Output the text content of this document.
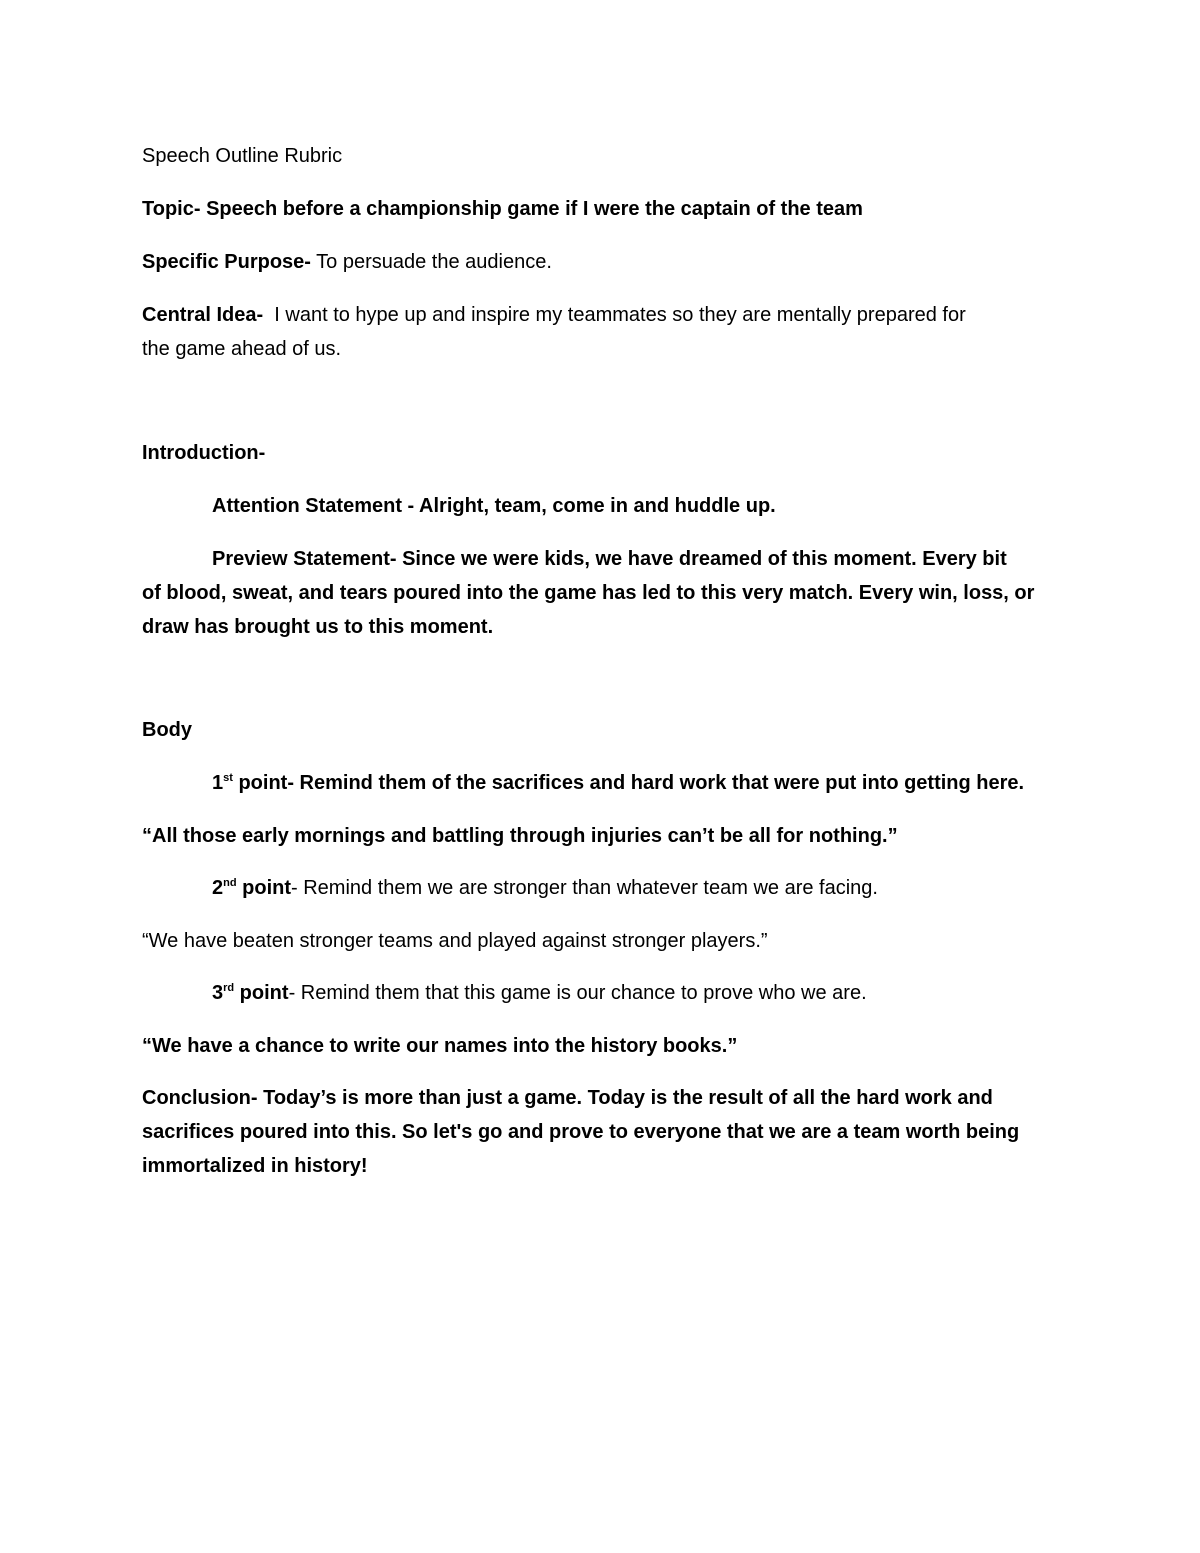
Speech Outline Rubric
Topic- Speech before a championship game if I were the captain of the team
Specific Purpose- To persuade the audience.
Central Idea- I want to hype up and inspire my teammates so they are mentally prepared for
the game ahead of us.
Introduction-
Attention Statement - Alright, team, come in and huddle up.
Preview Statement- Since we were kids, we have dreamed of this moment. Every bit
of blood, sweat, and tears poured into the game has led to this very match. Every win, loss, or
draw has brought us to this moment.
Body
1st point- Remind them of the sacrifices and hard work that were put into getting here.
“All those early mornings and battling through injuries can’t be all for nothing.”
2nd point- Remind them we are stronger than whatever team we are facing.
“We have beaten stronger teams and played against stronger players.”
3rd point- Remind them that this game is our chance to prove who we are.
“We have a chance to write our names into the history books.”
Conclusion- Today’s is more than just a game. Today is the result of all the hard work and
sacrifices poured into this. So let's go and prove to everyone that we are a team worth being
immortalized in history!
